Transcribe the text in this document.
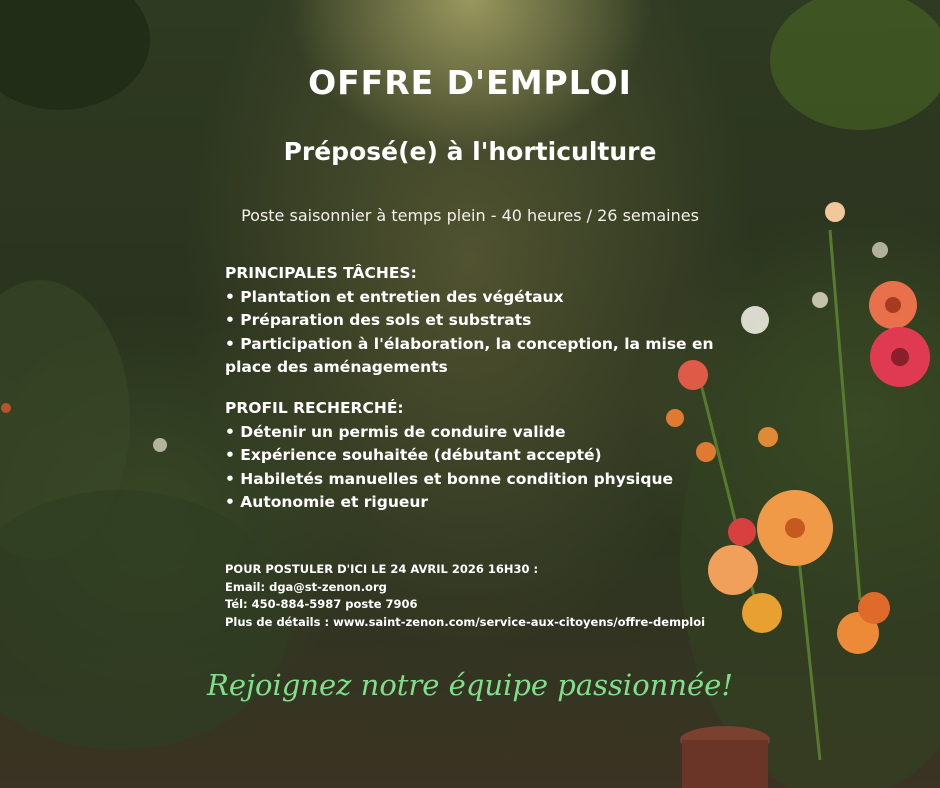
OFFRE D'EMPLOI
Préposé(e) à l'horticulture
Poste saisonnier à temps plein - 40 heures / 26 semaines
PRINCIPALES TÂCHES:
• Plantation et entretien des végétaux
• Préparation des sols et substrats
• Participation à l'élaboration, la conception, la mise en
place des aménagements
PROFIL RECHERCHÉ:
• Détenir un permis de conduire valide
• Expérience souhaitée (débutant accepté)
• Habiletés manuelles et bonne condition physique
• Autonomie et rigueur
POUR POSTULER D'ICI LE 24 AVRIL 2026 16H30 :
Email: dga@st-zenon.org
Tél: 450-884-5987 poste 7906
Plus de détails : www.saint-zenon.com/service-aux-citoyens/offre-demploi
Rejoignez notre équipe passionnée!
